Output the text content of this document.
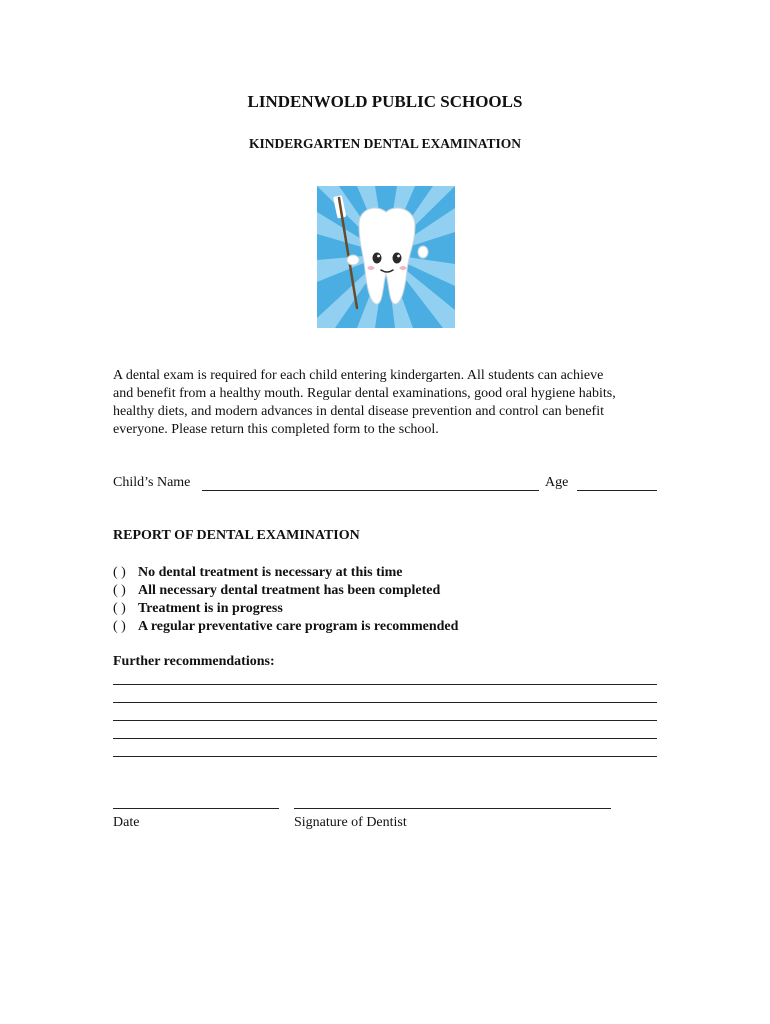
LINDENWOLD PUBLIC SCHOOLS
KINDERGARTEN DENTAL EXAMINATION

A dental exam is required for each child entering kindergarten. All students can achieve

and benefit from a healthy mouth. Regular dental examinations, good oral hygiene habits,

healthy diets, and modern advances in dental disease prevention and control can benefit

everyone. Please return this completed form to the school.

Child’s Name	Age
REPORT OF DENTAL EXAMINATION
( ) No dental treatment is necessary at this time
( ) All necessary dental treatment has been completed
( ) Treatment is in progress
( ) A regular preventative care program is recommended
Further recommendations:
Date	Signature of Dentist
